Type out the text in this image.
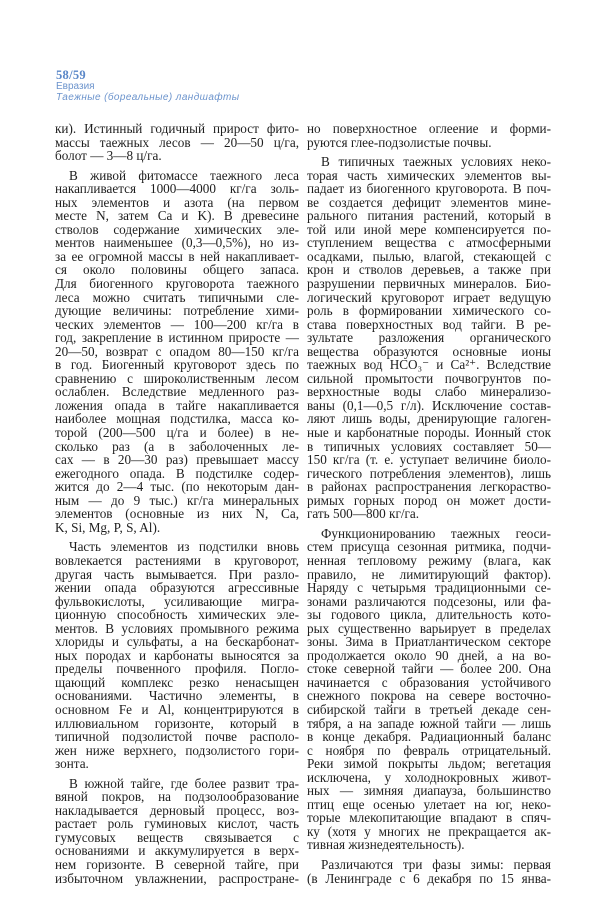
58/59
Евразия
Таежные (бореальные) ландшафты
ки). Истинный годичный прирост фито-
массы таежных лесов — 20—50 ц/га,
болот — 3—8 ц/га.
В живой фитомассе таежного леса
накапливается 1000—4000 кг/га золь-
ных элементов и азота (на первом
месте N, затем Ca и K). В древесине
стволов содержание химических эле-
ментов наименьшее (0,3—0,5%), но из-
за ее огромной массы в ней накапливает-
ся около половины общего запаса.
Для биогенного круговорота таежного
леса можно считать типичными сле-
дующие величины: потребление хими-
ческих элементов — 100—200 кг/га в
год, закрепление в истинном приросте —
20—50, возврат с опадом 80—150 кг/га
в год. Биогенный круговорот здесь по
сравнению с широколиственным лесом
ослаблен. Вследствие медленного раз-
ложения опада в тайге накапливается
наиболее мощная подстилка, масса ко-
торой (200—500 ц/га и более) в не-
сколько раз (а в заболоченных ле-
сах — в 20—30 раз) превышает массу
ежегодного опада. В подстилке содер-
жится до 2—4 тыс. (по некоторым дан-
ным — до 9 тыс.) кг/га минеральных
элементов (основные из них N, Ca,
K, Si, Mg, P, S, Al).
Часть элементов из подстилки вновь
вовлекается растениями в круговорот,
другая часть вымывается. При разло-
жении опада образуются агрессивные
фульвокислоты, усиливающие мигра-
ционную способность химических эле-
ментов. В условиях промывного режима
хлориды и сульфаты, а на бескарбонат-
ных породах и карбонаты выносятся за
пределы почвенного профиля. Погло-
щающий комплекс резко ненасыщен
основаниями. Частично элементы, в
основном Fe и Al, концентрируются в
иллювиальном горизонте, который в
типичной подзолистой почве располо-
жен ниже верхнего, подзолистого гори-
зонта.
В южной тайге, где более развит тра-
вяной покров, на подзолообразование
накладывается дерновый процесс, воз-
растает роль гуминовых кислот, часть
гумусовых веществ связывается с
основаниями и аккумулируется в верх-
нем горизонте. В северной тайге, при
избыточном увлажнении, распростране-
но поверхностное оглеение и форми-
руются глее-подзолистые почвы.
В типичных таежных условиях неко-
торая часть химических элементов вы-
падает из биогенного круговорота. В поч-
ве создается дефицит элементов мине-
рального питания растений, который в
той или иной мере компенсируется по-
ступлением вещества с атмосферными
осадками, пылью, влагой, стекающей с
крон и стволов деревьев, а также при
разрушении первичных минералов. Био-
логический круговорот играет ведущую
роль в формировании химического со-
става поверхностных вод тайги. В ре-
зультате разложения органического
вещества образуются основные ионы
таежных вод HCO₃⁻ и Ca²⁺. Вследствие
сильной промытости почвогрунтов по-
верхностные воды слабо минерализо-
ваны (0,1—0,5 г/л). Исключение состав-
ляют лишь воды, дренирующие галоген-
ные и карбонатные породы. Ионный сток
в типичных условиях составляет 50—
150 кг/га (т. е. уступает величине биоло-
гического потребления элементов), лишь
в районах распространения легкораство-
римых горных пород он может дости-
гать 500—800 кг/га.
Функционированию таежных геоси-
стем присуща сезонная ритмика, подчи-
ненная тепловому режиму (влага, как
правило, не лимитирующий фактор).
Наряду с четырьмя традиционными се-
зонами различаются подсезоны, или фа-
зы годового цикла, длительность кото-
рых существенно варьирует в пределах
зоны. Зима в Приатлантическом секторе
продолжается около 90 дней, а на во-
стоке северной тайги — более 200. Она
начинается с образования устойчивого
снежного покрова на севере восточно-
сибирской тайги в третьей декаде сен-
тября, а на западе южной тайги — лишь
в конце декабря. Радиационный баланс
с ноября по февраль отрицательный.
Реки зимой покрыты льдом; вегетация
исключена, у холоднокровных живот-
ных — зимняя диапауза, большинство
птиц еще осенью улетает на юг, неко-
торые млекопитающие впадают в спяч-
ку (хотя у многих не прекращается ак-
тивная жизнедеятельность).
Различаются три фазы зимы: первая
(в Ленинграде с 6 декабря по 15 янва-
